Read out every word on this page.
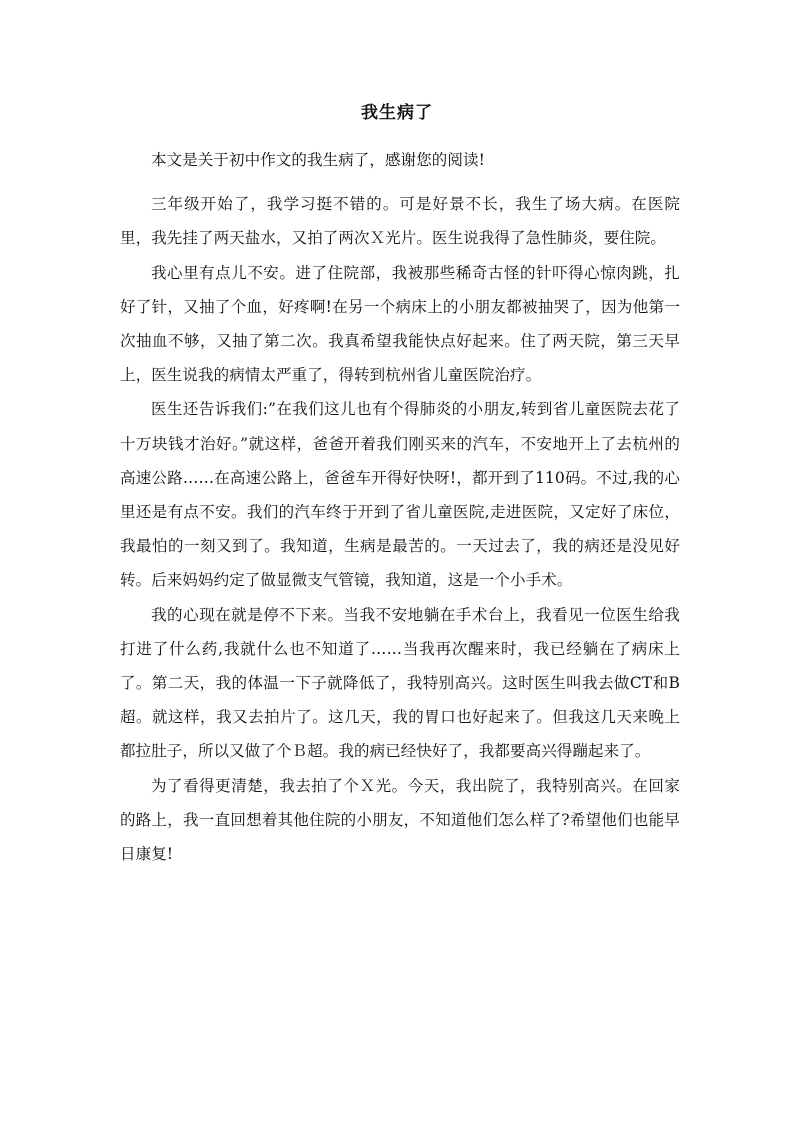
我生病了

本文是关于初中作文的我生病了，感谢您的阅读!

三年级开始了，我学习挺不错的。可是好景不长，我生了场大病。在医院里，我先挂了两天盐水，又拍了两次Ｘ光片。医生说我得了急性肺炎，要住院。

我心里有点儿不安。进了住院部，我被那些稀奇古怪的针吓得心惊肉跳，扎好了针，又抽了个血，好疼啊!在另一个病床上的小朋友都被抽哭了，因为他第一次抽血不够，又抽了第二次。我真希望我能快点好起来。住了两天院，第三天早上，医生说我的病情太严重了，得转到杭州省儿童医院治疗。

医生还告诉我们:”在我们这儿也有个得肺炎的小朋友,转到省儿童医院去花了十万块钱才治好。”就这样，爸爸开着我们刚买来的汽车，不安地开上了去杭州的高速公路……在高速公路上，爸爸车开得好快呀!，都开到了110码。不过,我的心里还是有点不安。我们的汽车终于开到了省儿童医院,走进医院，又定好了床位，我最怕的一刻又到了。我知道，生病是最苦的。一天过去了，我的病还是没见好转。后来妈妈约定了做显微支气管镜，我知道，这是一个小手术。

我的心现在就是停不下来。当我不安地躺在手术台上，我看见一位医生给我打进了什么药,我就什么也不知道了……当我再次醒来时，我已经躺在了病床上了。第二天，我的体温一下子就降低了，我特别高兴。这时医生叫我去做CT和B超。就这样，我又去拍片了。这几天，我的胃口也好起来了。但我这几天来晚上都拉肚子，所以又做了个Ｂ超。我的病已经快好了，我都要高兴得蹦起来了。

为了看得更清楚，我去拍了个Ｘ光。今天，我出院了，我特别高兴。在回家的路上，我一直回想着其他住院的小朋友，不知道他们怎么样了?希望他们也能早日康复!
